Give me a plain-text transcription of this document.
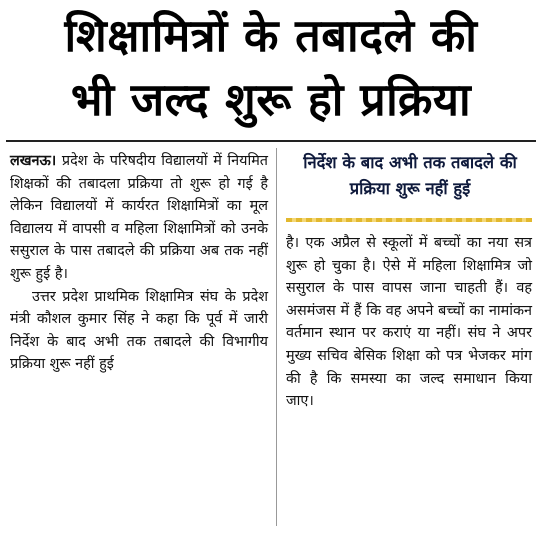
शिक्षामित्रों के तबादले की
भी जल्द शुरू हो प्रक्रिया

लखनऊ। प्रदेश के परिषदीय विद्यालयों में नियमित शिक्षकों की तबादला प्रक्रिया तो शुरू हो गई है लेकिन विद्यालयों में कार्यरत शिक्षामित्रों का मूल विद्यालय में वापसी व महिला शिक्षामित्रों को उनके ससुराल के पास तबादले की प्रक्रिया अब तक नहीं शुरू हुई है।

उत्तर प्रदेश प्राथमिक शिक्षामित्र संघ के प्रदेश मंत्री कौशल कुमार सिंह ने कहा कि पूर्व में जारी निर्देश के बाद अभी तक तबादले की विभागीय प्रक्रिया शुरू नहीं हुई

निर्देश के बाद अभी तक तबादले की प्रक्रिया शुरू नहीं हुई

है। एक अप्रैल से स्कूलों में बच्चों का नया सत्र शुरू हो चुका है। ऐसे में महिला शिक्षामित्र जो ससुराल के पास वापस जाना चाहती हैं। वह असमंजस में हैं कि वह अपने बच्चों का नामांकन वर्तमान स्थान पर कराएं या नहीं। संघ ने अपर मुख्य सचिव बेसिक शिक्षा को पत्र भेजकर मांग की है कि समस्या का जल्द समाधान किया जाए।
